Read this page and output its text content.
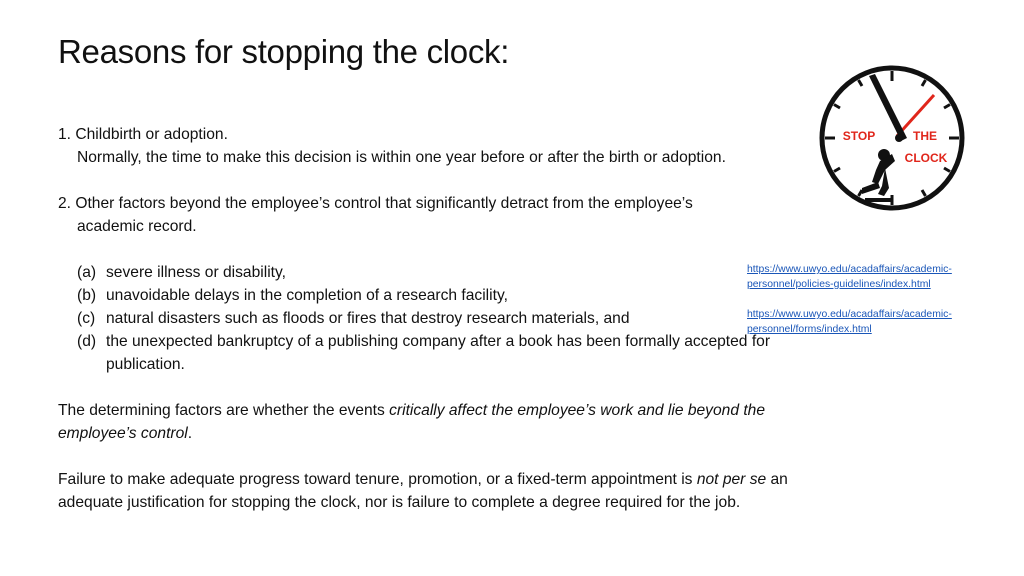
Reasons for stopping the clock:

1. Childbirth or adoption.

Normally, the time to make this decision is within one year before or after the birth or adoption.

2. Other factors beyond the employee’s control that significantly detract from the employee’s

academic record.

(a) severe illness or disability,
(b) unavoidable delays in the completion of a research facility,
(c) natural disasters such as floods or fires that destroy research materials, and
(d) the unexpected bankruptcy of a publishing company after a book has been formally accepted for publication.

The determining factors are whether the events critically affect the employee’s work and lie beyond the employee’s control.

Failure to make adequate progress toward tenure, promotion, or a fixed-term appointment is not per se an adequate justification for stopping the clock, nor is failure to complete a degree required for the job.

STOP	THE
CLOCK
https://www.uwyo.edu/acadaffairs/academic-personnel/policies-guidelines/index.html
https://www.uwyo.edu/acadaffairs/academic-personnel/forms/index.html
